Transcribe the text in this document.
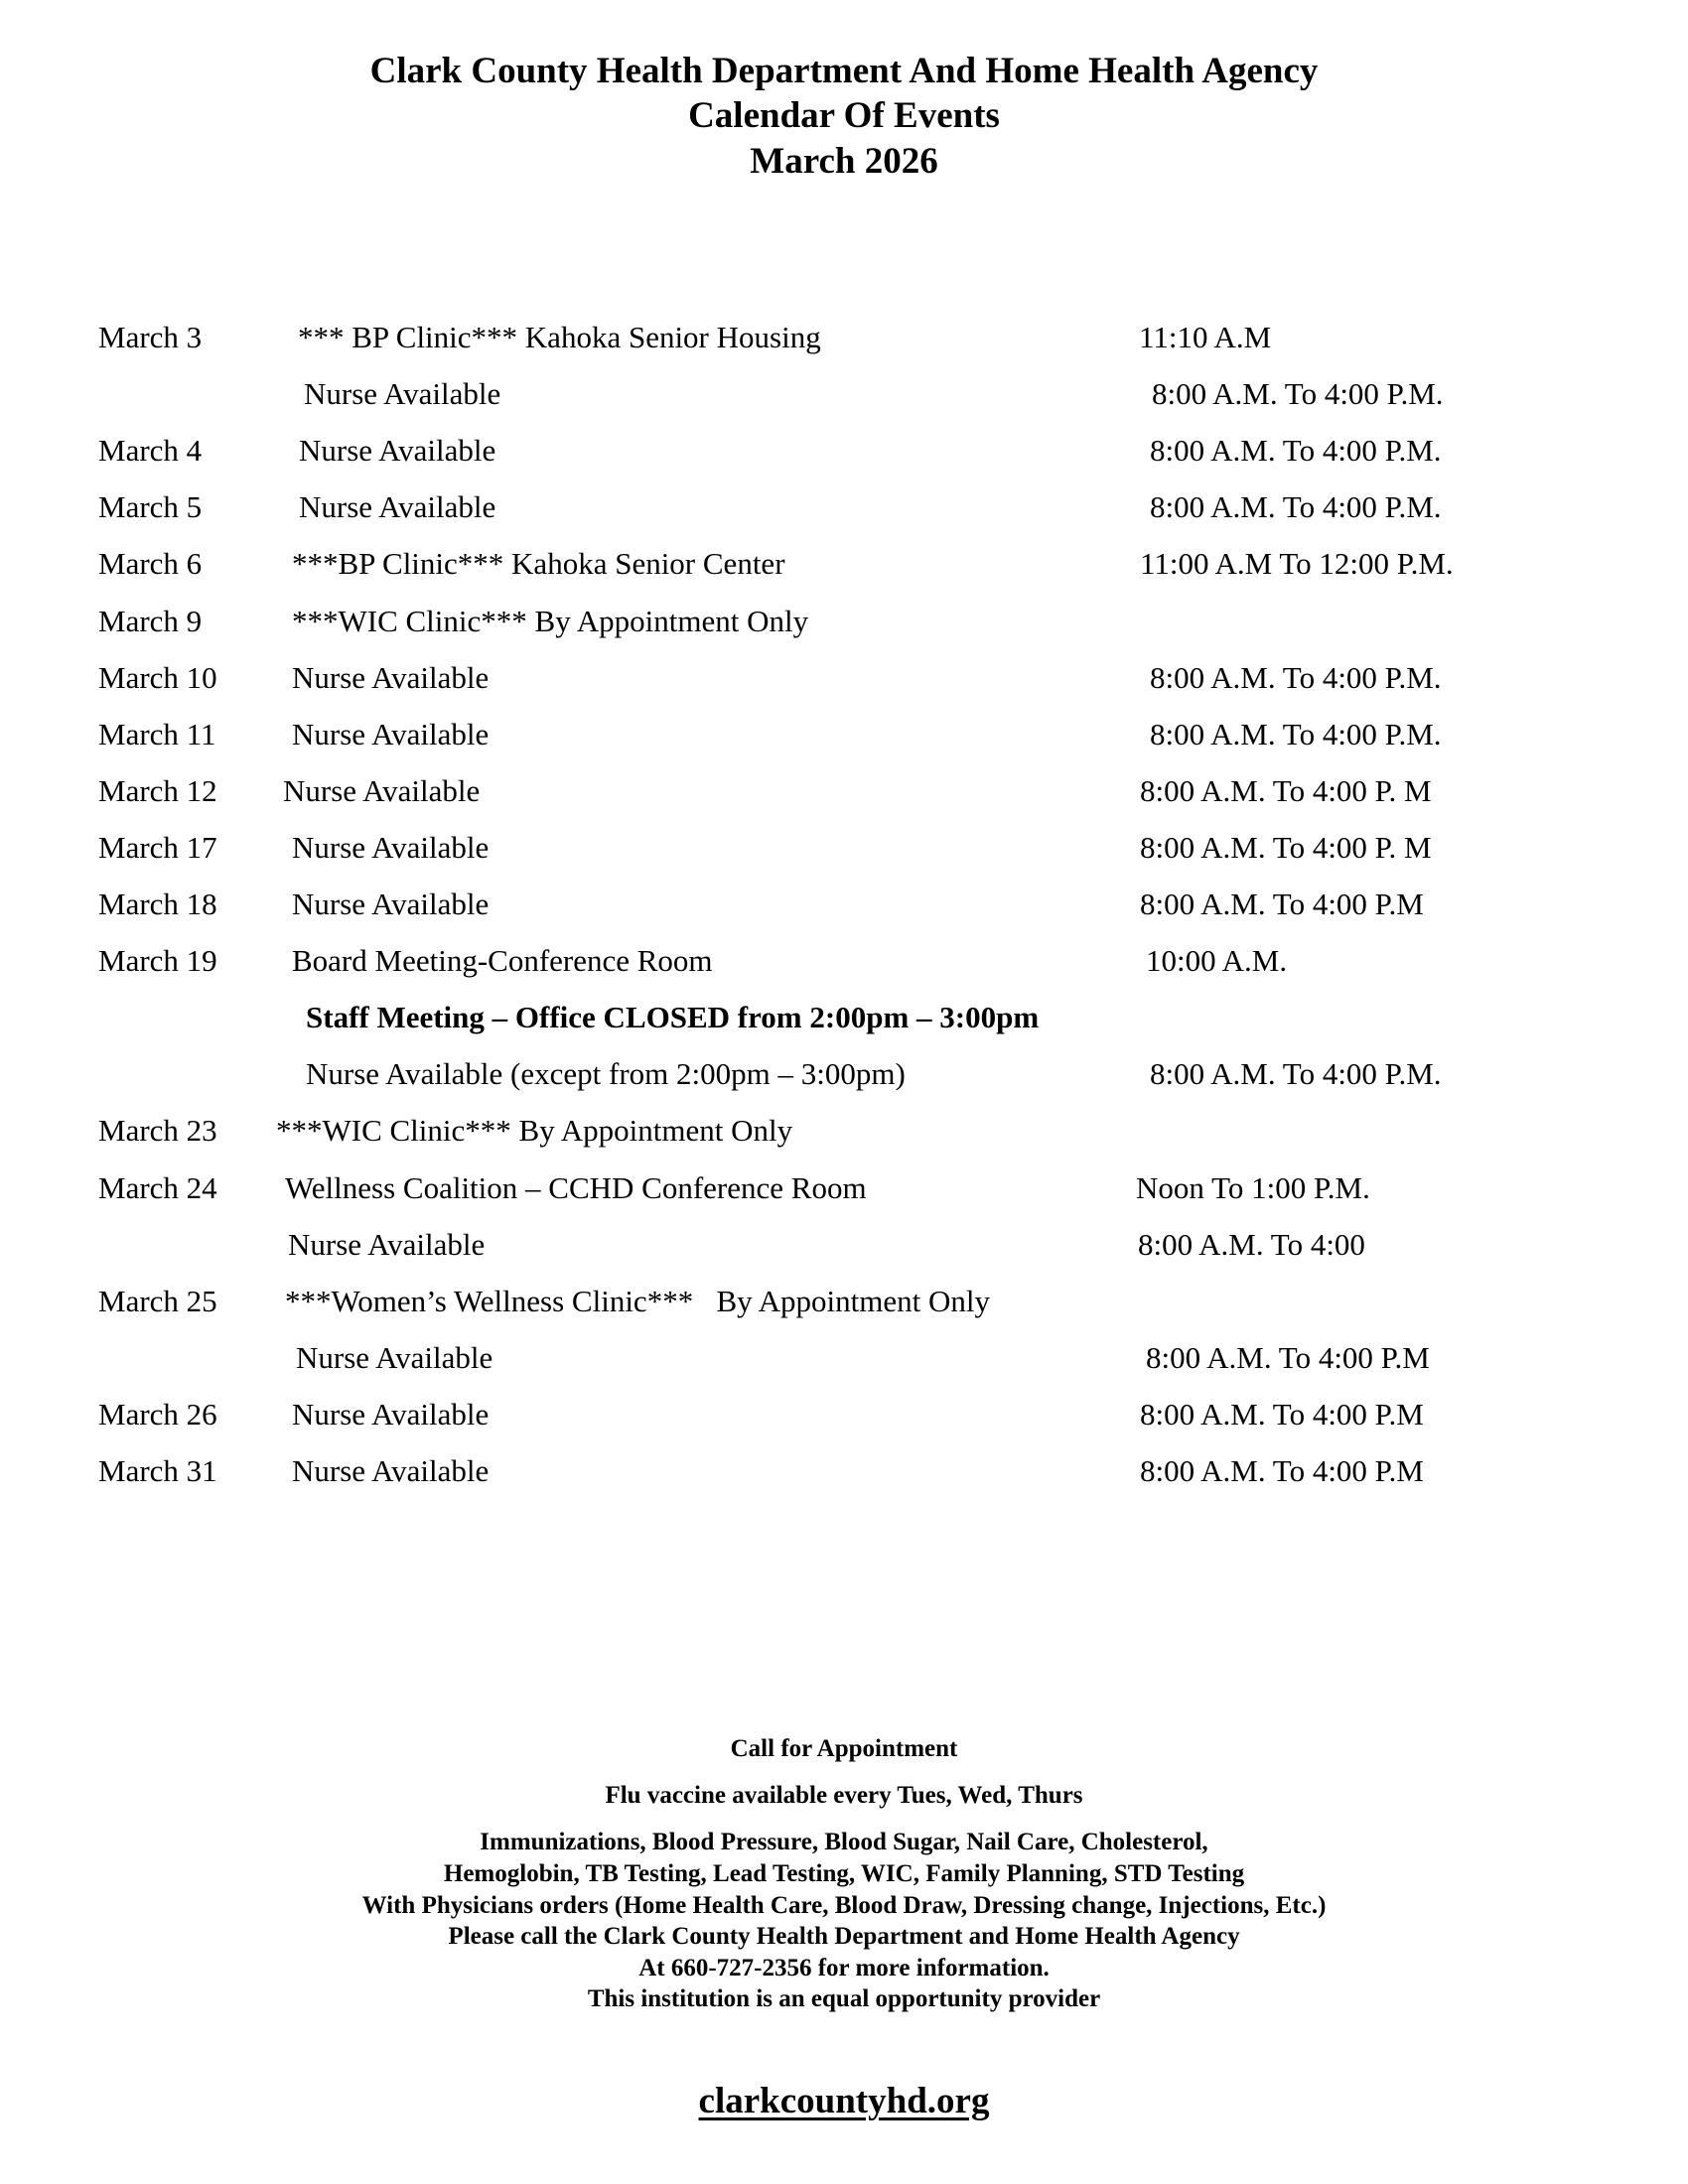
Clark County Health Department And Home Health Agency
Calendar Of Events
March 2026
March 3	*** BP Clinic*** Kahoka Senior Housing	11:10 A.M
Nurse Available	8:00 A.M. To 4:00 P.M.
March 4	Nurse Available	8:00 A.M. To 4:00 P.M.
March 5	Nurse Available	8:00 A.M. To 4:00 P.M.
March 6	***BP Clinic*** Kahoka Senior Center	11:00 A.M To 12:00 P.M.
March 9	***WIC Clinic*** By Appointment Only
March 10 Nurse Available	8:00 A.M. To 4:00 P.M.
March 11 Nurse Available	8:00 A.M. To 4:00 P.M.
March 12 Nurse Available	8:00 A.M. To 4:00 P. M
March 17 Nurse Available	8:00 A.M. To 4:00 P. M
March 18 Nurse Available	8:00 A.M. To 4:00 P.M
March 19 Board Meeting-Conference Room	10:00 A.M.
Staff Meeting – Office CLOSED from 2:00pm – 3:00pm
Nurse Available (except from 2:00pm – 3:00pm)	8:00 A.M. To 4:00 P.M.
March 23 ***WIC Clinic*** By Appointment Only
March 24 Wellness Coalition – CCHD Conference Room	Noon To 1:00 P.M.
Nurse Available	8:00 A.M. To 4:00
March 25 ***Women’s Wellness Clinic***   By Appointment Only
Nurse Available	8:00 A.M. To 4:00 P.M
March 26 Nurse Available	8:00 A.M. To 4:00 P.M
March 31 Nurse Available	8:00 A.M. To 4:00 P.M
Call for Appointment
Flu vaccine available every Tues, Wed, Thurs
Immunizations, Blood Pressure, Blood Sugar, Nail Care, Cholesterol,
Hemoglobin, TB Testing, Lead Testing, WIC, Family Planning, STD Testing
With Physicians orders (Home Health Care, Blood Draw, Dressing change, Injections, Etc.)
Please call the Clark County Health Department and Home Health Agency
At 660-727-2356 for more information.
This institution is an equal opportunity provider
clarkcountyhd.org
